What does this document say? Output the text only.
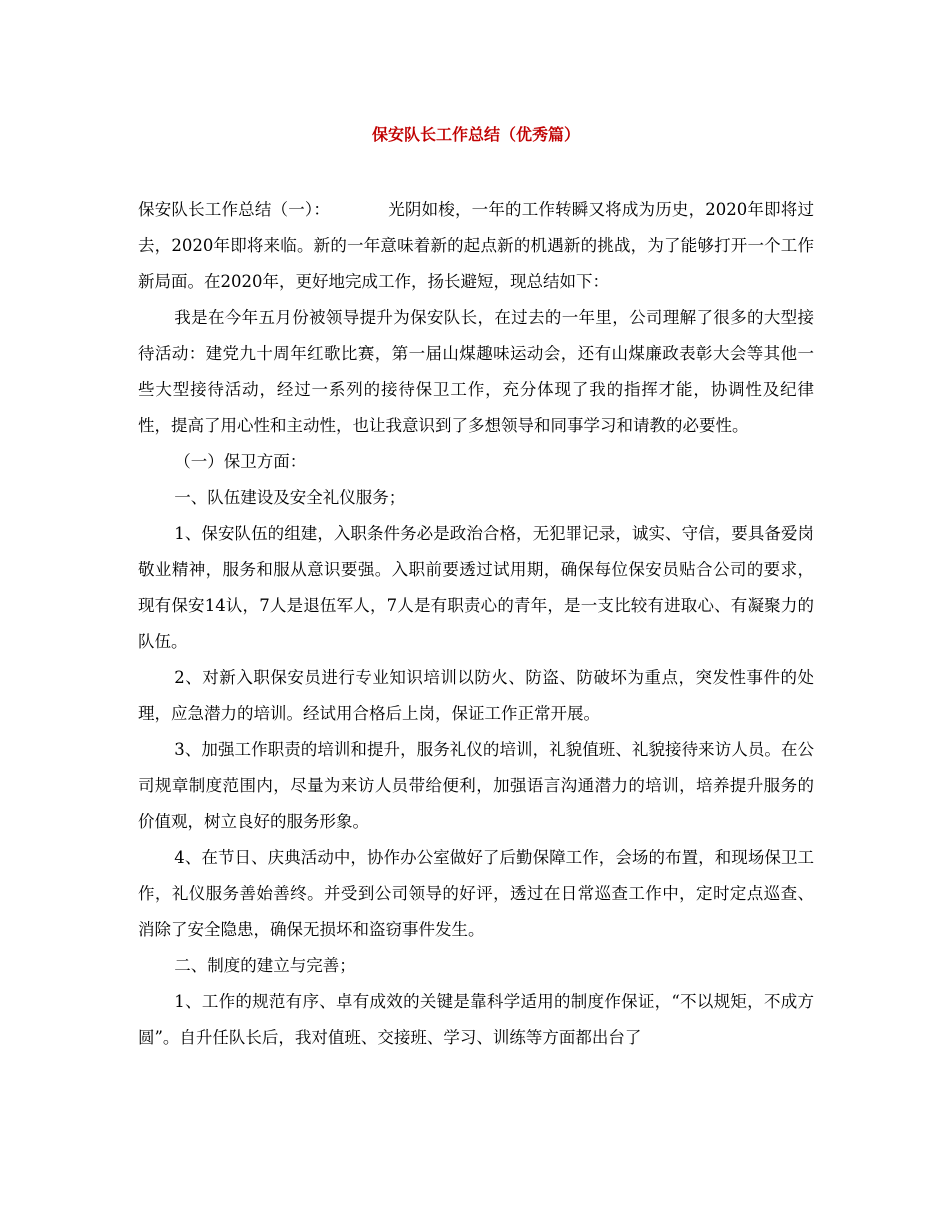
保安队长工作总结（优秀篇）

保安队长工作总结（一）：	光阴如梭，一年的工作转瞬又将成为历史，2020年即将过去，2020年即将来临。新的一年意味着新的起点新的机遇新的挑战，为了能够打开一个工作新局面。在2020年，更好地完成工作，扬长避短，现总结如下：

我是在今年五月份被领导提升为保安队长，在过去的一年里，公司理解了很多的大型接待活动：建党九十周年红歌比赛，第一届山煤趣味运动会，还有山煤廉政表彰大会等其他一些大型接待活动，经过一系列的接待保卫工作，充分体现了我的指挥才能，协调性及纪律性，提高了用心性和主动性，也让我意识到了多想领导和同事学习和请教的必要性。

（一）保卫方面：

一、队伍建设及安全礼仪服务；

1、保安队伍的组建，入职条件务必是政治合格，无犯罪记录，诚实、守信，要具备爱岗敬业精神，服务和服从意识要强。入职前要透过试用期，确保每位保安员贴合公司的要求，现有保安14认，7人是退伍军人，7人是有职责心的青年，是一支比较有进取心、有凝聚力的队伍。

2、对新入职保安员进行专业知识培训以防火、防盗、防破坏为重点，突发性事件的处理，应急潜力的培训。经试用合格后上岗，保证工作正常开展。

3、加强工作职责的培训和提升，服务礼仪的培训，礼貌值班、礼貌接待来访人员。在公司规章制度范围内，尽量为来访人员带给便利，加强语言沟通潜力的培训，培养提升服务的价值观，树立良好的服务形象。

4、在节日、庆典活动中，协作办公室做好了后勤保障工作，会场的布置，和现场保卫工作，礼仪服务善始善终。并受到公司领导的好评，透过在日常巡查工作中，定时定点巡查、消除了安全隐患，确保无损坏和盗窃事件发生。

二、制度的建立与完善；

1、工作的规范有序、卓有成效的关键是靠科学适用的制度作保证，“不以规矩，不成方圆”。自升任队长后，我对值班、交接班、学习、训练等方面都出台了
